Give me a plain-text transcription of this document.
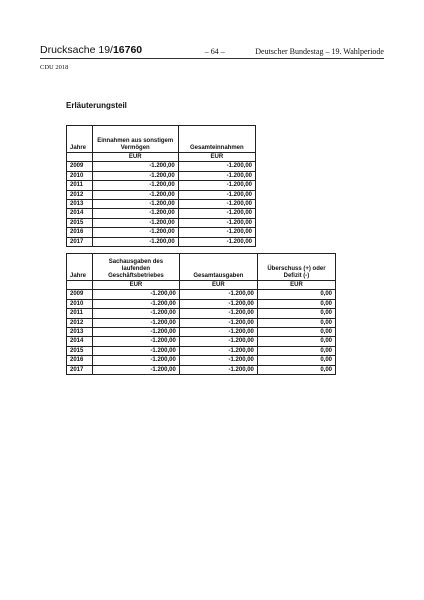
Drucksache 19/16760	– 64 –	Deutscher Bundestag – 19. Wahlperiode
CDU 2018
Erläuterungsteil
Jahre	Einnahmen aus sonstigem Vermögen	Gesamteinnahmen
	EUR	EUR
2009	-1.200,00	-1.200,00
2010	-1.200,00	-1.200,00
2011	-1.200,00	-1.200,00
2012	-1.200,00	-1.200,00
2013	-1.200,00	-1.200,00
2014	-1.200,00	-1.200,00
2015	-1.200,00	-1.200,00
2016	-1.200,00	-1.200,00
2017	-1.200,00	-1.200,00
Jahre	Sachausgaben des laufenden Geschäftsbetriebes	Gesamtausgaben	Überschuss (+) oder Defizit (-)
	EUR	EUR	EUR
2009	-1.200,00	-1.200,00	0,00
2010	-1.200,00	-1.200,00	0,00
2011	-1.200,00	-1.200,00	0,00
2012	-1.200,00	-1.200,00	0,00
2013	-1.200,00	-1.200,00	0,00
2014	-1.200,00	-1.200,00	0,00
2015	-1.200,00	-1.200,00	0,00
2016	-1.200,00	-1.200,00	0,00
2017	-1.200,00	-1.200,00	0,00
